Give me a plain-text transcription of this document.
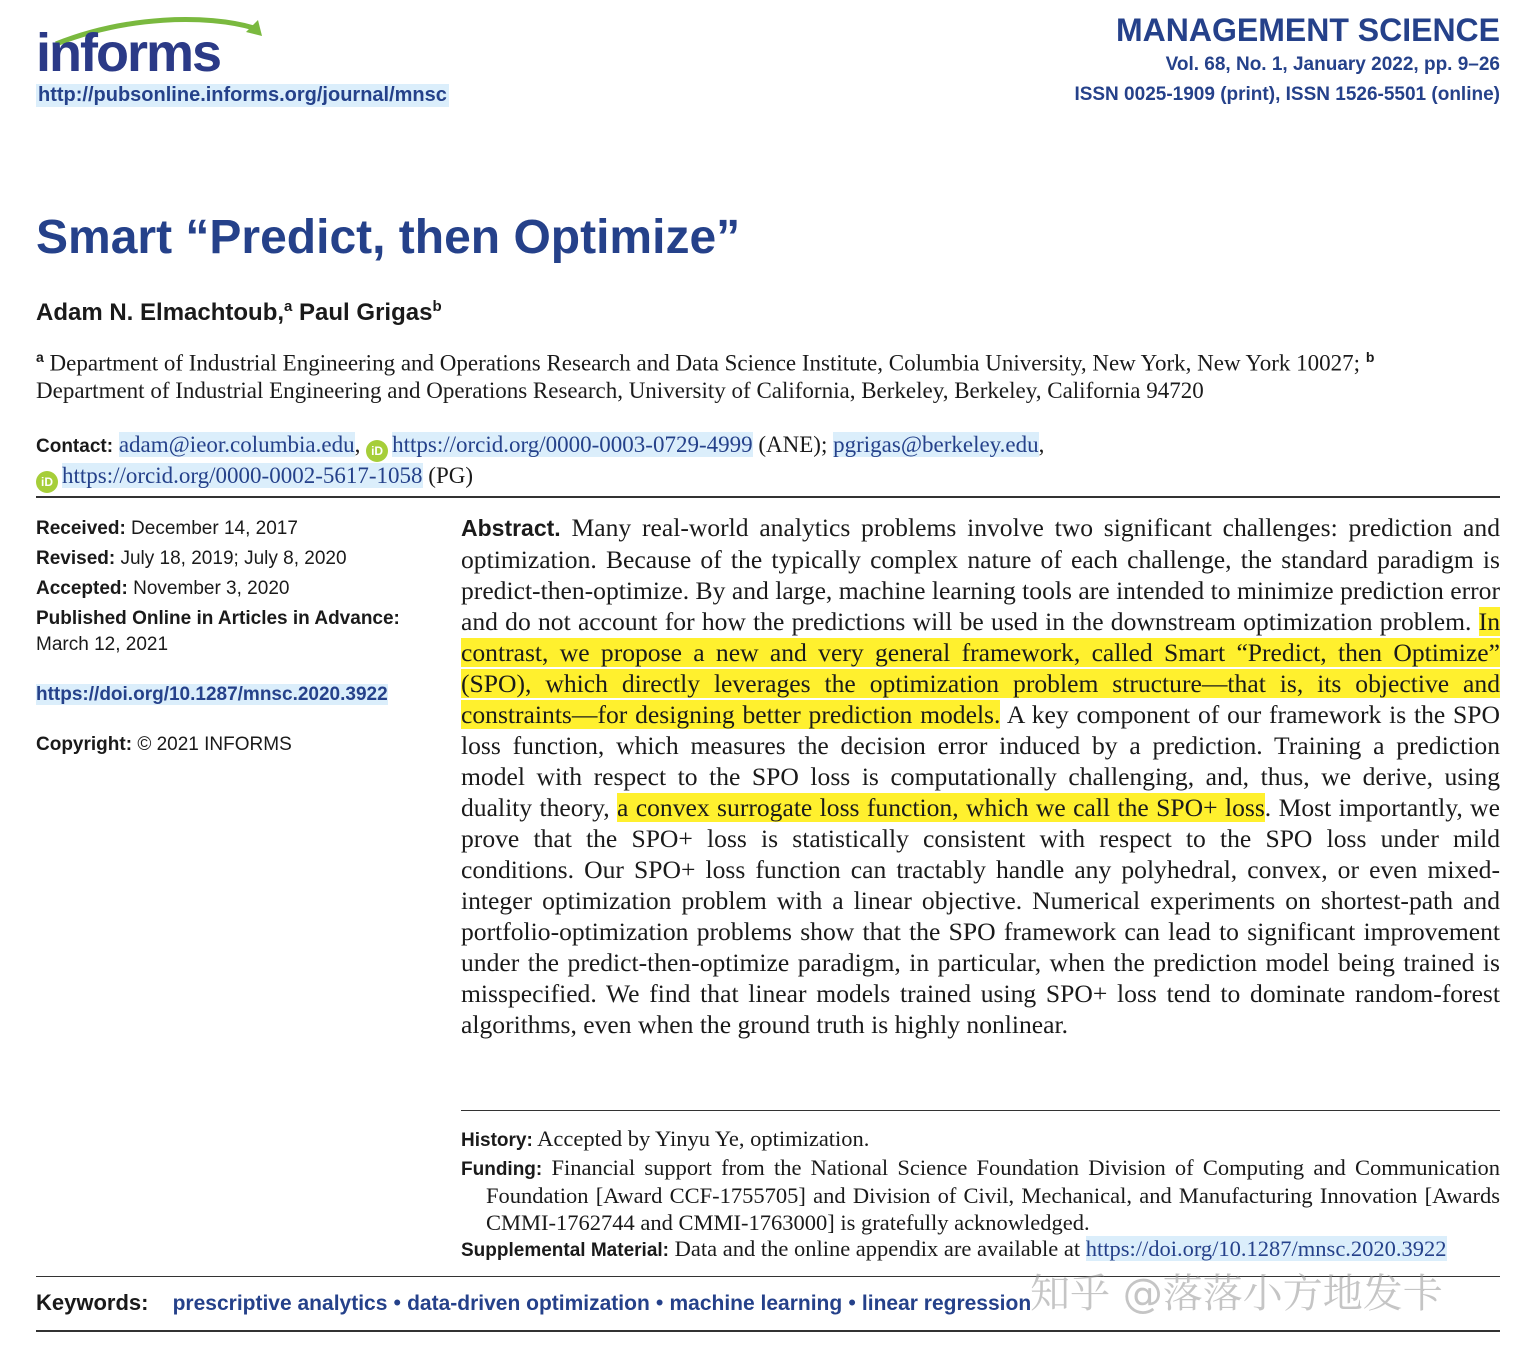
informs
http://pubsonline.informs.org/journal/mnsc
MANAGEMENT SCIENCE
Vol. 68, No. 1, January 2022, pp. 9–26
ISSN 0025-1909 (print), ISSN 1526-5501 (online)
Smart “Predict, then Optimize”
Adam N. Elmachtoub,$^a$ Paul Grigas$^b$
$^a$ Department of Industrial Engineering and Operations Research and Data Science Institute, Columbia University, New York, New York 10027; $^b$ Department of Industrial Engineering and Operations Research, University of California, Berkeley, Berkeley, California 94720
Contact: adam@ieor.columbia.edu, iD https://orcid.org/0000-0003-0729-4999 (ANE); pgrigas@berkeley.edu,
iD https://orcid.org/0000-0002-5617-1058 (PG)
Received: December 14, 2017
Revised: July 18, 2019; July 8, 2020
Accepted: November 3, 2020
Published Online in Articles in Advance:
March 12, 2021
https://doi.org/10.1287/mnsc.2020.3922
Copyright: © 2021 INFORMS
Abstract. Many real-world analytics problems involve two significant challenges: prediction and optimization. Because of the typically complex nature of each challenge, the standard paradigm is predict-then-optimize. By and large, machine learning tools are intended to minimize prediction error and do not account for how the predictions will be used in the downstream optimization problem. In contrast, we propose a new and very general framework, called Smart “Predict, then Optimize” (SPO), which directly leverages the optimization problem structure—that is, its objective and constraints—for designing better prediction models. A key component of our framework is the SPO loss function, which measures the decision error induced by a prediction. Training a prediction model with respect to the SPO loss is computationally challenging, and, thus, we derive, using duality theory, a convex surrogate loss function, which we call the SPO+ loss. Most importantly, we prove that the SPO+ loss is statistically consistent with respect to the SPO loss under mild conditions. Our SPO+ loss function can tractably handle any polyhedral, convex, or even mixed-integer optimization problem with a linear objective. Numerical experiments on shortest-path and portfolio-optimization problems show that the SPO framework can lead to significant improvement under the predict-then-optimize paradigm, in particular, when the prediction model being trained is misspecified. We find that linear models trained using SPO+ loss tend to dominate random-forest algorithms, even when the ground truth is highly nonlinear.
History: Accepted by Yinyu Ye, optimization.
Funding: Financial support from the National Science Foundation Division of Computing and Communication Foundation [Award CCF-1755705] and Division of Civil, Mechanical, and Manufacturing Innovation [Awards CMMI-1762744 and CMMI-1763000] is gratefully acknowledged.
Supplemental Material: Data and the online appendix are available at https://doi.org/10.1287/mnsc.2020.3922
Keywords: prescriptive analytics • data-driven optimization • machine learning • linear regression
知乎 @落落小方地发卡
